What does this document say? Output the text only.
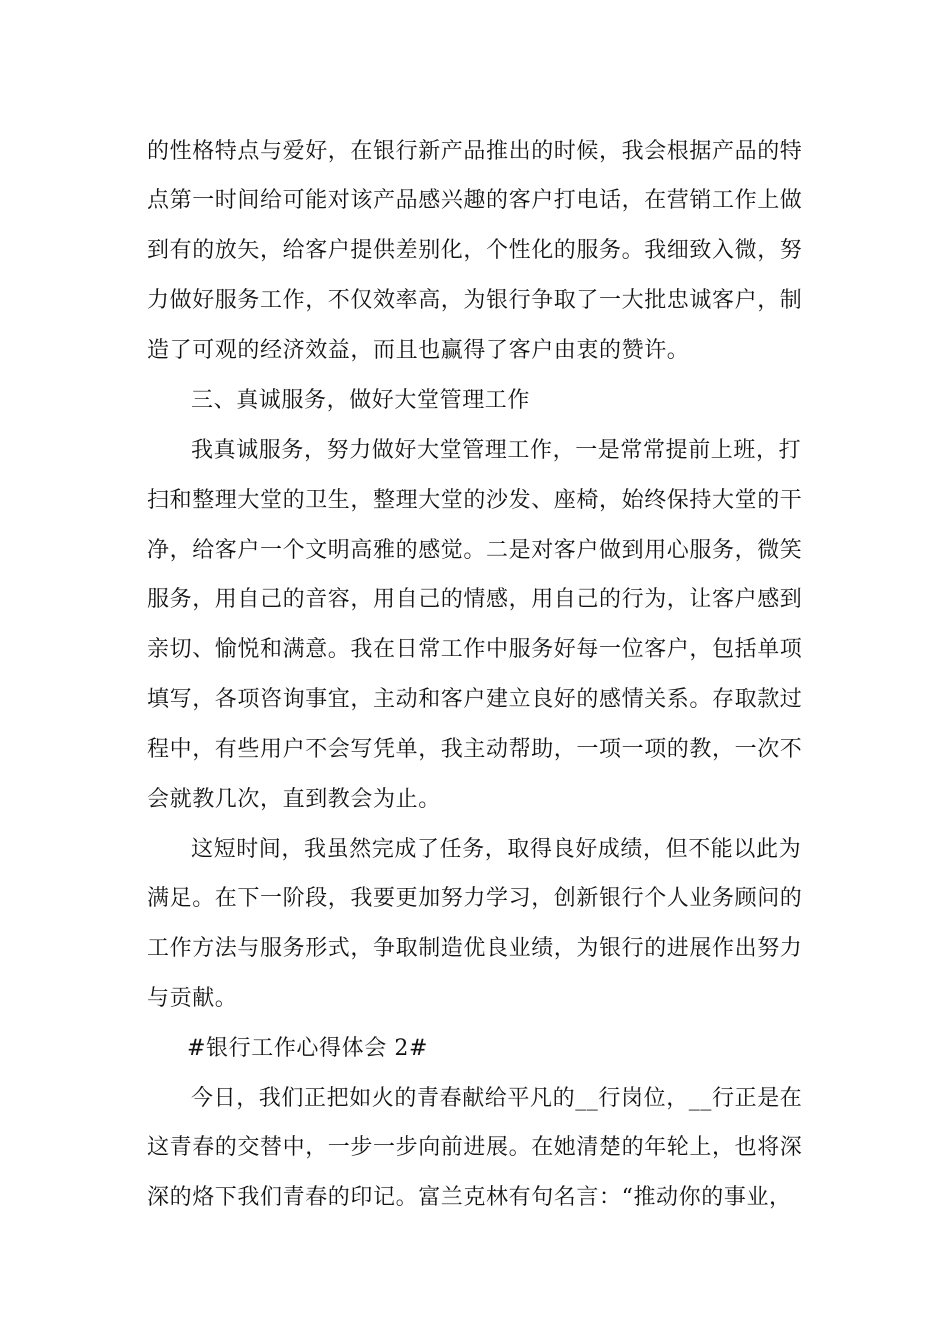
的性格特点与爱好，在银行新产品推出的时候，我会根据产品的特
点第一时间给可能对该产品感兴趣的客户打电话，在营销工作上做
到有的放矢，给客户提供差别化，个性化的服务。我细致入微，努
力做好服务工作，不仅效率高，为银行争取了一大批忠诚客户，制
造了可观的经济效益，而且也赢得了客户由衷的赞许。
三、真诚服务，做好大堂管理工作
我真诚服务，努力做好大堂管理工作，一是常常提前上班，打
扫和整理大堂的卫生，整理大堂的沙发、座椅，始终保持大堂的干
净，给客户一个文明高雅的感觉。二是对客户做到用心服务，微笑
服务，用自己的音容，用自己的情感，用自己的行为，让客户感到
亲切、愉悦和满意。我在日常工作中服务好每一位客户，包括单项
填写，各项咨询事宜，主动和客户建立良好的感情关系。存取款过
程中，有些用户不会写凭单，我主动帮助，一项一项的教，一次不
会就教几次，直到教会为止。
这短时间，我虽然完成了任务，取得良好成绩，但不能以此为
满足。在下一阶段，我要更加努力学习，创新银行个人业务顾问的
工作方法与服务形式，争取制造优良业绩，为银行的进展作出努力
与贡献。
#银行工作心得体会 2#
今日，我们正把如火的青春献给平凡的__行岗位，__行正是在
这青春的交替中，一步一步向前进展。在她清楚的年轮上，也将深
深的烙下我们青春的印记。富兰克林有句名言：“推动你的事业，
